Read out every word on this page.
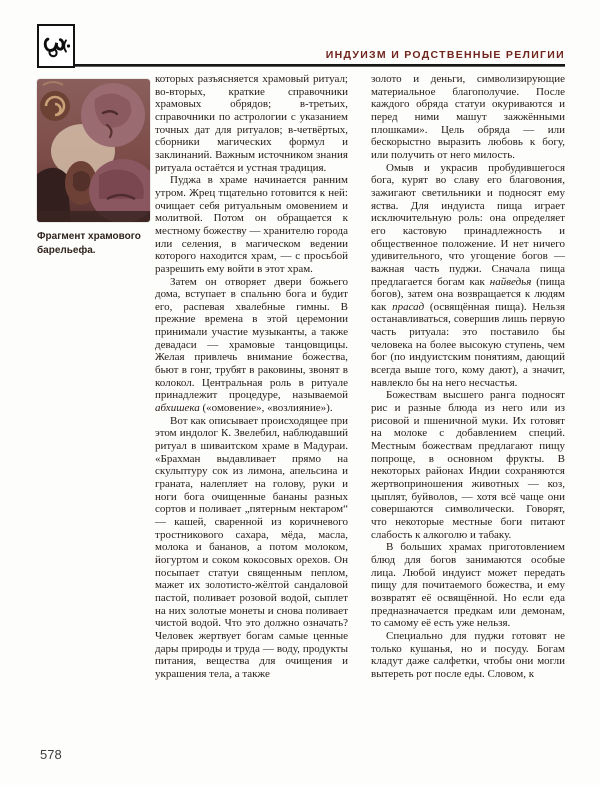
ИНДУИЗМ И РОДСТВЕННЫЕ РЕЛИГИИ
Фрагмент храмового барельефа.

которых разъясняется храмовый ритуал; во-вторых, краткие справочники храмовых обрядов; в-третьих, справочники по астрологии с указанием точных дат для ритуалов; в-четвёртых, сборники магических формул и заклинаний. Важным источником знания ритуала остаётся и устная традиция.

Пуджа в храме начинается ранним утром. Жрец тщательно готовится к ней: очищает себя ритуальным омовением и молитвой. Потом он обращается к местному божеству — хранителю города или селения, в магическом ведении которого находится храм, — с просьбой разрешить ему войти в этот храм.

Затем он отворяет двери божьего дома, вступает в спальню бога и будит его, распевая хвалебные гимны. В прежние времена в этой церемонии принимали участие музыканты, а также девадаси — храмовые танцовщицы. Желая привлечь внимание божества, бьют в гонг, трубят в раковины, звонят в колокол. Центральная роль в ритуале принадлежит процедуре, называемой абхишека («омовение», «возлияние»).

Вот как описывает происходящее при этом индолог К. Звелебил, наблюдавший ритуал в шиваитском храме в Мадураи. «Брахман выдавливает прямо на скульптуру сок из лимона, апельсина и граната, налепляет на голову, руки и ноги бога очищенные бананы разных сортов и поливает „пятерным нектаром“ — кашей, сваренной из коричневого тростникового сахара, мёда, масла, молока и бананов, а потом молоком, йогуртом и соком кокосовых орехов. Он посыпает статуи священным пеплом, мажет их золотисто-жёлтой сандаловой пастой, поливает розовой водой, сыплет на них золотые монеты и снова поливает чистой водой. Что это должно означать? Человек жертвует богам самые ценные дары природы и труда — воду, продукты питания, вещества для очищения и украшения тела, а также

золото и деньги, символизирующие материальное благополучие. После каждого обряда статуи окуриваются и перед ними машут зажжёнными плошками». Цель обряда — или бескорыстно выразить любовь к богу, или получить от него милость.

Омыв и украсив пробудившегося бога, курят во славу его благовония, зажигают светильники и подносят ему яства. Для индуиста пища играет исключительную роль: она определяет его кастовую принадлежность и общественное положение. И нет ничего удивительного, что угощение богов — важная часть пуджи. Сначала пища предлагается богам как найведья (пища богов), затем она возвращается к людям как прасад (освящённая пища). Нельзя останавливаться, совершив лишь первую часть ритуала: это поставило бы человека на более высокую ступень, чем бог (по индуистским понятиям, дающий всегда выше того, кому дают), а значит, навлекло бы на него несчастья.

Божествам высшего ранга подносят рис и разные блюда из него или из рисовой и пшеничной муки. Их готовят на молоке с добавлением специй. Местным божествам предлагают пищу попроще, в основном фрукты. В некоторых районах Индии сохраняются жертвоприношения животных — коз, цыплят, буйволов, — хотя всё чаще они совершаются символически. Говорят, что некоторые местные боги питают слабость к алкоголю и табаку.

В больших храмах приготовлением блюд для богов занимаются особые лица. Любой индуист может передать пищу для почитаемого божества, и ему возвратят её освящённой. Но если еда предназначается предкам или демонам, то самому её есть уже нельзя.

Специально для пуджи готовят не только кушанья, но и посуду. Богам кладут даже салфетки, чтобы они могли вытереть рот после еды. Словом, к

578
